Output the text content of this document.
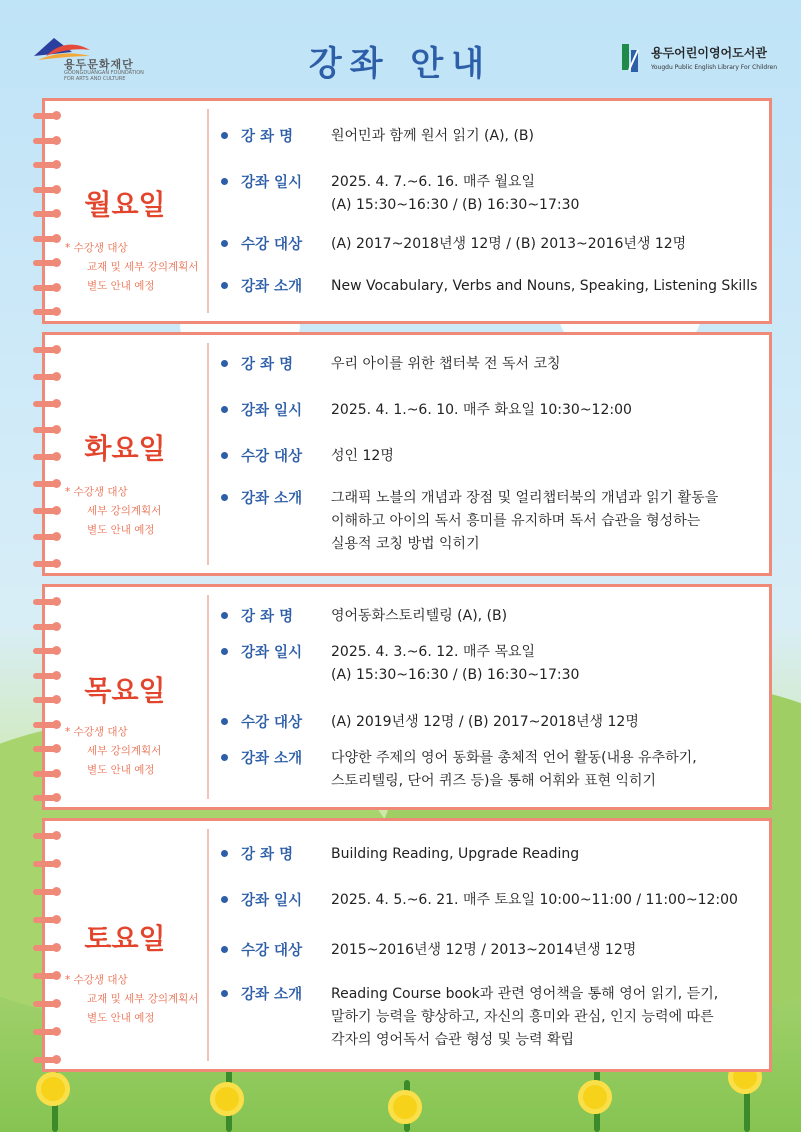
용두문화재단
GOONGDUANGAN FOUNDATION FOR ARTS AND CULTURE	강좌 안내	용두어린이영어도서관
Yougdu Public English Library For Children
월요일
* 수강생 대상
교재 및 세부 강의계획서
별도 안내 예정
강 좌 명	원어민과 함께 원서 읽기 (A), (B)
강좌 일시	2025. 4. 7.~6. 16. 매주 월요일
(A) 15:30~16:30 / (B) 16:30~17:30
수강 대상	(A) 2017~2018년생 12명 / (B) 2013~2016년생 12명
강좌 소개	New Vocabulary, Verbs and Nouns, Speaking, Listening Skills
화요일
* 수강생 대상
세부 강의계획서
별도 안내 예정
강 좌 명	우리 아이를 위한 챕터북 전 독서 코칭
강좌 일시	2025. 4. 1.~6. 10. 매주 화요일 10:30~12:00
수강 대상	성인 12명
강좌 소개	그래픽 노블의 개념과 장점 및 얼리챕터북의 개념과 읽기 활동을
이해하고 아이의 독서 흥미를 유지하며 독서 습관을 형성하는
실용적 코칭 방법 익히기
목요일
* 수강생 대상
세부 강의계획서
별도 안내 예정
강 좌 명	영어동화스토리텔링 (A), (B)
강좌 일시	2025. 4. 3.~6. 12. 매주 목요일
(A) 15:30~16:30 / (B) 16:30~17:30
수강 대상	(A) 2019년생 12명 / (B) 2017~2018년생 12명
강좌 소개	다양한 주제의 영어 동화를 총체적 언어 활동(내용 유추하기,
스토리텔링, 단어 퀴즈 등)을 통해 어휘와 표현 익히기
토요일
* 수강생 대상
교재 및 세부 강의계획서
별도 안내 예정
강 좌 명	Building Reading, Upgrade Reading
강좌 일시	2025. 4. 5.~6. 21. 매주 토요일 10:00~11:00 / 11:00~12:00
수강 대상	2015~2016년생 12명 / 2013~2014년생 12명
강좌 소개	Reading Course book과 관련 영어책을 통해 영어 읽기, 듣기,
말하기 능력을 향상하고, 자신의 흥미와 관심, 인지 능력에 따른
각자의 영어독서 습관 형성 및 능력 확립
